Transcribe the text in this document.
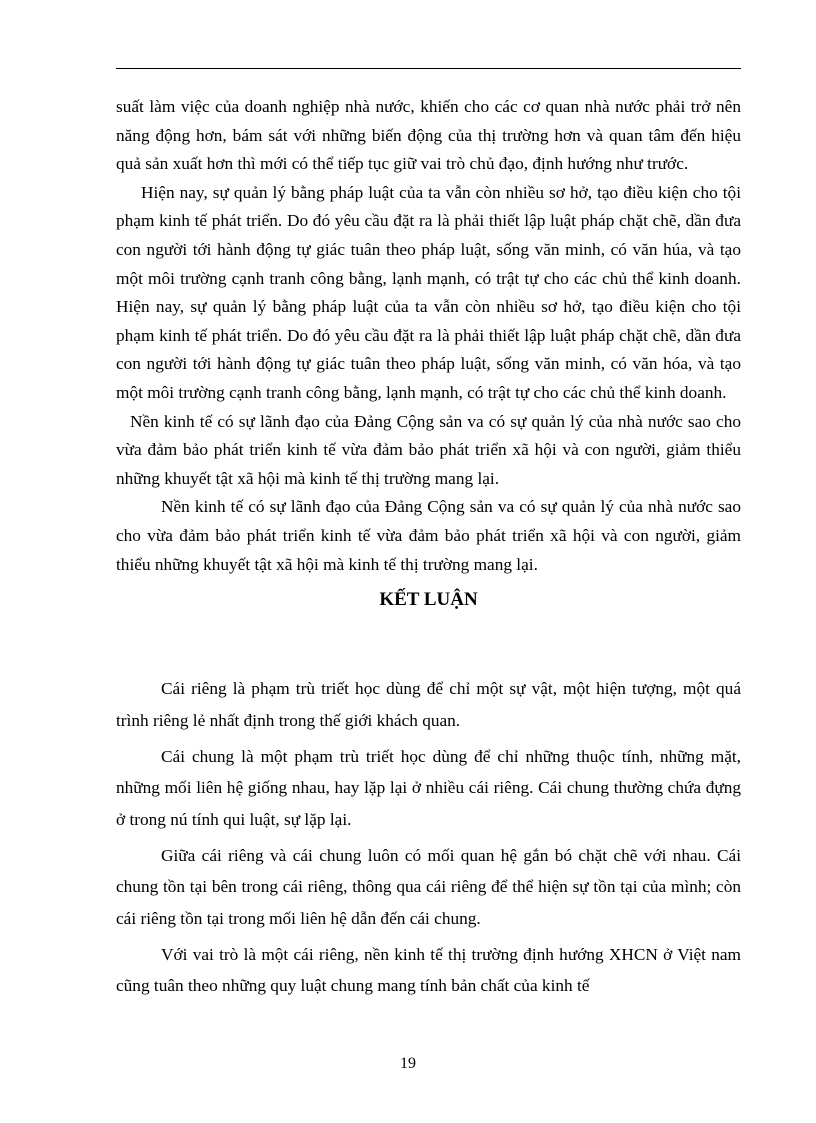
suất làm việc của doanh nghiệp nhà nước, khiến cho các cơ quan nhà nước phải trở nên năng động hơn, bám sát với những biến động của thị trường hơn và quan tâm đến hiệu quả sản xuất hơn thì mới có thể tiếp tục giữ vai trò chủ đạo, định hướng như trước.

Hiện nay, sự quản lý bằng pháp luật của ta vẫn còn nhiều sơ hở, tạo điều kiện cho tội phạm kinh tế phát triển. Do đó yêu cầu đặt ra là phải thiết lập luật pháp chặt chẽ, dần đưa con người tới hành động tự giác tuân theo pháp luật, sống văn minh, có văn húa, và tạo một môi trường cạnh tranh công bằng, lạnh mạnh, có trật tự cho các chủ thể kinh doanh. Hiện nay, sự quản lý bằng pháp luật của ta vẫn còn nhiều sơ hở, tạo điều kiện cho tội phạm kinh tế phát triển. Do đó yêu cầu đặt ra là phải thiết lập luật pháp chặt chẽ, dần đưa con người tới hành động tự giác tuân theo pháp luật, sống văn minh, có văn hóa, và tạo một môi trường cạnh tranh công bằng, lạnh mạnh, có trật tự cho các chủ thể kinh doanh.

Nền kinh tế có sự lãnh đạo của Đảng Cộng sản va có sự quản lý của nhà nước sao cho vừa đảm bảo phát triển kinh tế vừa đảm bảo phát triển xã hội và con người, giảm thiểu những khuyết tật xã hội mà kinh tế thị trường mang lại.

Nền kinh tế có sự lãnh đạo của Đảng Cộng sản va có sự quản lý của nhà nước sao cho vừa đảm bảo phát triển kinh tế vừa đảm bảo phát triển xã hội và con người, giảm thiểu những khuyết tật xã hội mà kinh tế thị trường mang lại.

KẾT LUẬN

Cái riêng là phạm trù triết học dùng để chỉ một sự vật, một hiện tượng, một quá trình riêng lẻ nhất định trong thế giới khách quan.

Cái chung là một phạm trù triết học dùng để chỉ những thuộc tính, những mặt, những mối liên hệ giống nhau, hay lặp lại ở nhiều cái riêng. Cái chung thường chứa đựng ở trong nú tính qui luật, sự lặp lại.

Giữa cái riêng và cái chung luôn có mối quan hệ gắn bó chặt chẽ với nhau. Cái chung tồn tại bên trong cái riêng, thông qua cái riêng để thể hiện sự tồn tại của mình; còn cái riêng tồn tại trong mối liên hệ dẫn đến cái chung.

Với vai trò là một cái riêng, nền kinh tế thị trường định hướng XHCN ở Việt nam cũng tuân theo những quy luật chung mang tính bản chất của kinh tế

19
